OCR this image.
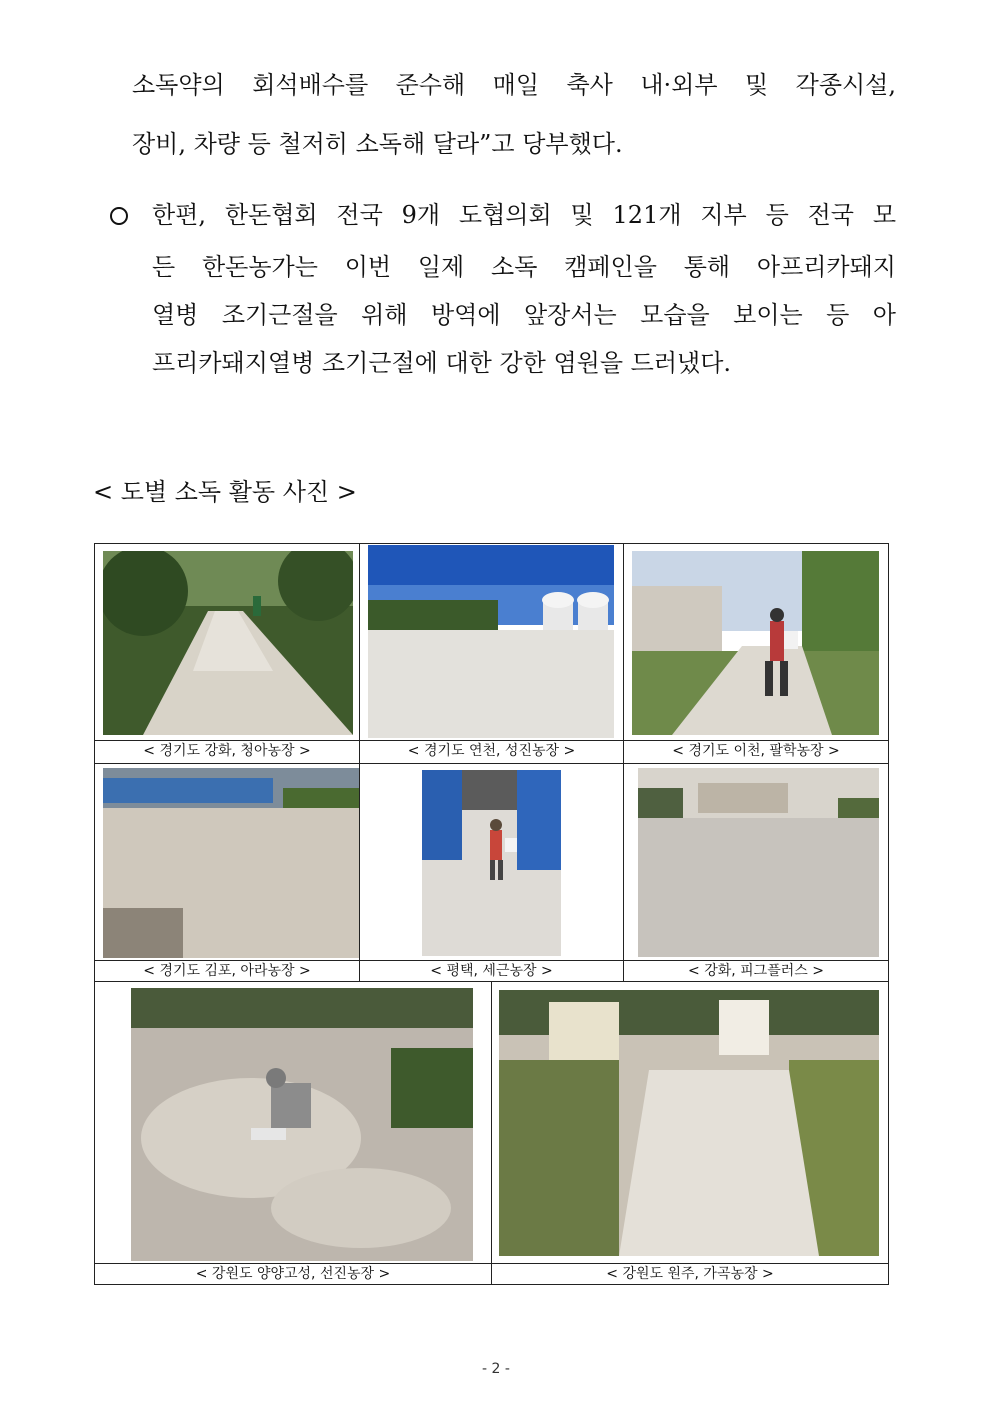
소독약의 회석배수를 준수해 매일 축사 내·외부 및 각종시설,
장비, 차량 등 철저히 소독해 달라”고 당부했다.
한편, 한돈협회 전국 9개 도협의회 및 121개 지부 등 전국 모
든 한돈농가는 이번 일제 소독 캠페인을 통해 아프리카돼지
열병 조기근절을 위해 방역에 앞장서는 모습을 보이는 등 아
프리카돼지열병 조기근절에 대한 강한 염원을 드러냈다.
< 도별 소독 활동 사진 >
< 경기도 강화, 청아농장 >	< 경기도 연천, 성진농장 >	< 경기도 이천, 팔학농장 >
< 경기도 김포, 아라농장 >	< 평택, 세근농장 >	< 강화, 피그플러스 >
< 강원도 양양고성, 선진농장 >	< 강원도 원주, 가곡농장 >
- 2 -
